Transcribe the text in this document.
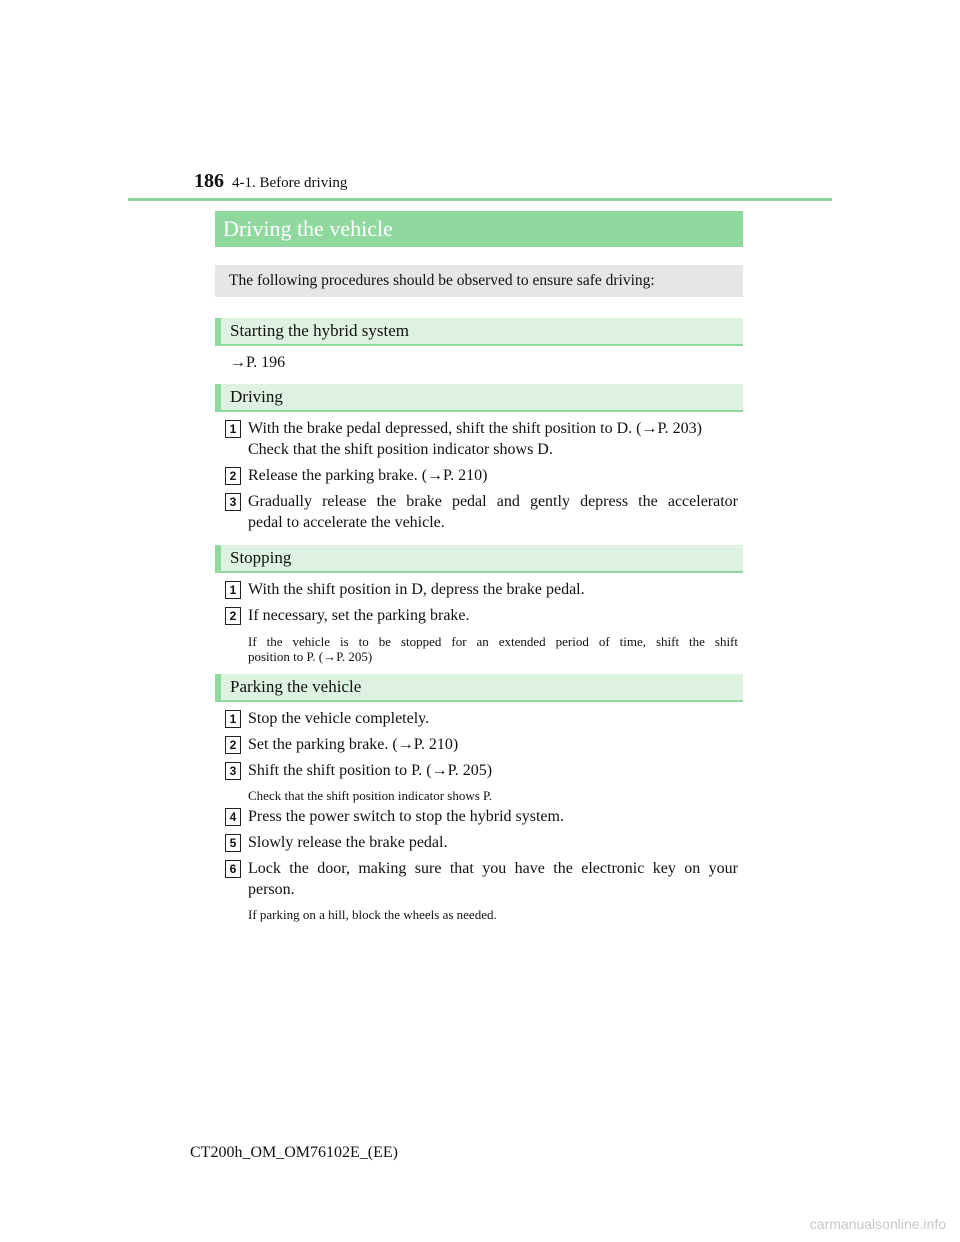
186 4-1. Before driving
Driving the vehicle
The following procedures should be observed to ensure safe driving:
Starting the hybrid system
→P. 196
Driving
1 With the brake pedal depressed, shift the shift position to D. (→P. 203)
Check that the shift position indicator shows D.
2 Release the parking brake. (→P. 210)
3 Gradually release the brake pedal and gently depress the accelerator
pedal to accelerate the vehicle.
Stopping
1 With the shift position in D, depress the brake pedal.
2 If necessary, set the parking brake.
If the vehicle is to be stopped for an extended period of time, shift the shift
position to P. (→P. 205)
Parking the vehicle
1 Stop the vehicle completely.
2 Set the parking brake. (→P. 210)
3 Shift the shift position to P. (→P. 205)
Check that the shift position indicator shows P.
4 Press the power switch to stop the hybrid system.
5 Slowly release the brake pedal.
6 Lock the door, making sure that you have the electronic key on your
person.
If parking on a hill, block the wheels as needed.
CT200h_OM_OM76102E_(EE)
carmanualsonline.info
